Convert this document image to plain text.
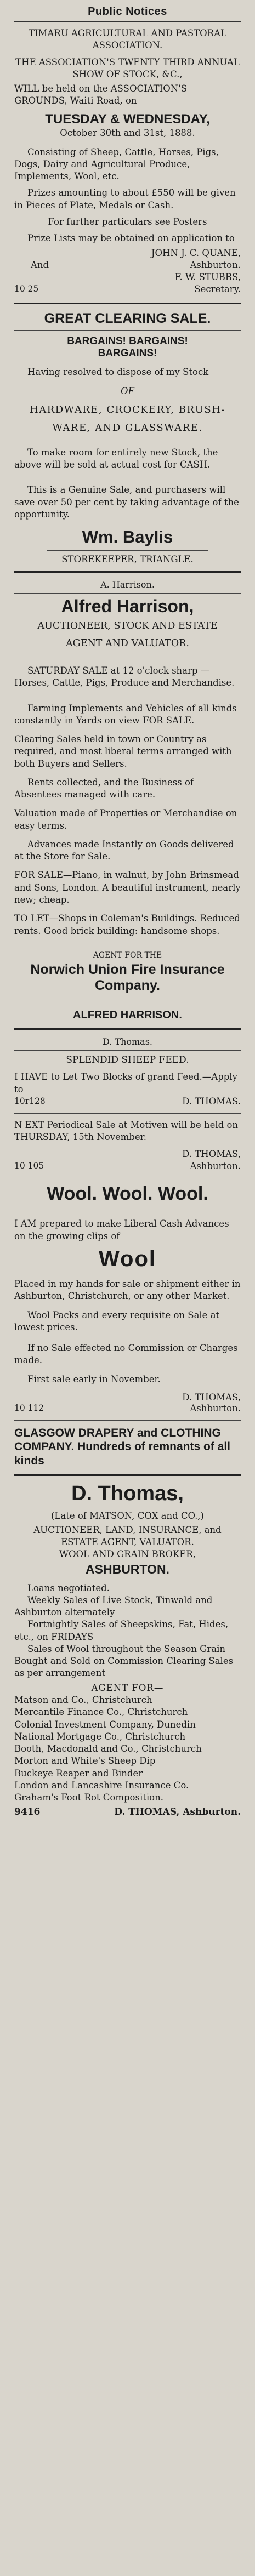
Public Notices
TIMARU AGRICULTURAL AND PASTORAL ASSOCIATION.
THE ASSOCIATION'S TWENTY THIRD ANNUAL SHOW OF STOCK, &C.,
WILL be held on the ASSOCIATION'S GROUNDS, Waiti Road, on
TUESDAY & WEDNESDAY,
October 30th and 31st, 1888.
Consisting of Sheep, Cattle, Horses, Pigs, Dogs, Dairy and Agricultural Produce, Implements, Wool, etc.
Prizes amounting to about £550 will be given in Pieces of Plate, Medals or Cash.
For further particulars see Posters
Prize Lists may be obtained on application to
JOHN J. C. QUANE,
And	Ashburton.
F. W. STUBBS,
10 25	Secretary.
GREAT CLEARING SALE.
BARGAINS! BARGAINS!
BARGAINS!
Having resolved to dispose of my Stock
OF
HARDWARE, CROCKERY, BRUSH-
WARE, AND GLASSWARE.
To make room for entirely new Stock, the above will be sold at actual cost for CASH.
This is a Genuine Sale, and purchasers will save over 50 per cent by taking advantage of the opportunity.
Wm. Baylis
STOREKEEPER, TRIANGLE.
A. Harrison.
Alfred Harrison,
AUCTIONEER, STOCK AND ESTATE
AGENT AND VALUATOR.
SATURDAY SALE at 12 o'clock sharp —Horses, Cattle, Pigs, Produce and Merchandise.
Farming Implements and Vehicles of all kinds constantly in Yards on view FOR SALE.
Clearing Sales held in town or Country as required, and most liberal terms arranged with both Buyers and Sellers.
Rents collected, and the Business of Absentees managed with care.
Valuation made of Properties or Merchandise on easy terms.
Advances made Instantly on Goods delivered at the Store for Sale.
FOR SALE—Piano, in walnut, by John Brinsmead and Sons, London. A beautiful instrument, nearly new; cheap.
TO LET—Shops in Coleman's Buildings. Reduced rents. Good brick building: handsome shops.
AGENT FOR THE
Norwich Union Fire Insurance Company.
ALFRED HARRISON.
D. Thomas.
SPLENDID SHEEP FEED.
I HAVE to Let Two Blocks of grand Feed.—Apply to
10r128	D. THOMAS.
N EXT Periodical Sale at Motiven will be held on THURSDAY, 15th November.
D. THOMAS,
10 105	Ashburton.
Wool. Wool. Wool.
I AM prepared to make Liberal Cash Advances on the growing clips of
Wool
Placed in my hands for sale or shipment either in Ashburton, Christchurch, or any other Market.
Wool Packs and every requisite on Sale at lowest prices.
If no Sale effected no Commission or Charges made.
First sale early in November.
D. THOMAS,
10 112	Ashburton.
GLASGOW DRAPERY and CLOTHING COMPANY. Hundreds of remnants of all kinds
D. Thomas,
(Late of MATSON, COX and CO.,)
AUCTIONEER, LAND, INSURANCE, and ESTATE AGENT, VALUATOR.
WOOL AND GRAIN BROKER,
ASHBURTON.
Loans negotiated.
Weekly Sales of Live Stock, Tinwald and Ashburton alternately
Fortnightly Sales of Sheepskins, Fat, Hides, etc., on FRIDAYS
Sales of Wool throughout the Season Grain Bought and Sold on Commission Clearing Sales as per arrangement
AGENT FOR—
Matson and Co., Christchurch
Mercantile Finance Co., Christchurch
Colonial Investment Company, Dunedin
National Mortgage Co., Christchurch
Booth, Macdonald and Co., Christchurch
Morton and White's Sheep Dip
Buckeye Reaper and Binder
London and Lancashire Insurance Co.
Graham's Foot Rot Composition.
9416	D. THOMAS, Ashburton.
